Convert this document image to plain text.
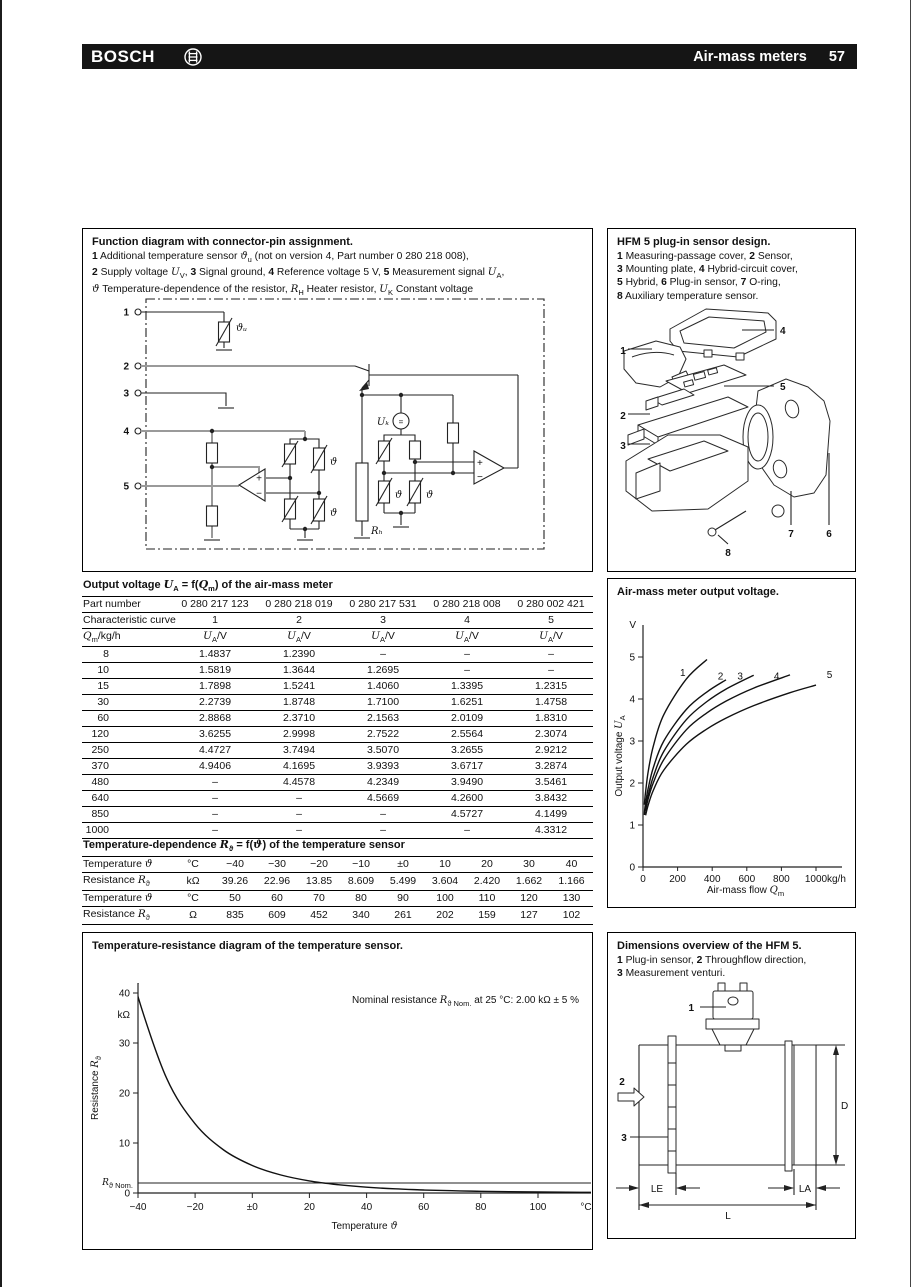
BOSCH	Air-mass meters 57
Function diagram with connector-pin assignment.
1 Additional temperature sensor $ϑ_u$ (not on version 4, Part number 0 280 218 008),
2 Supply voltage $U_V$, 3 Signal ground, 4 Reference voltage 5 V, 5 Measurement signal $U_A$,
ϑ Temperature-dependence of the resistor, $R_H$ Heater resistor, $U_K$ Constant voltage
1
2
3
4
5
ϑᵤ
+
−
ϑ
ϑ
Rₕ
=
Uₖ
ϑ ϑ
+
−
HFM 5 plug-in sensor design.
1 Measuring-passage cover, 2 Sensor,
3 Mounting plate, 4 Hybrid-circuit cover,
5 Hybrid, 6 Plug-in sensor, 7 O-ring,
8 Auxiliary temperature sensor.
1
2
3
4
5
6
7
8
Output voltage $U_A = f(Q_m)$ of the air-mass meter
Part number	0 280 217 123	0 280 218 019	0 280 217 531	0 280 218 008	0 280 002 421
Characteristic curve	1	2	3	4	5
$Q_m/kg/h$	$U_A/V$	$U_A/V$	$U_A/V$	$U_A/V$	$U_A/V$
8	1.4837	1.2390	–	–	–
10	1.5819	1.3644	1.2695	–	–
15	1.7898	1.5241	1.4060	1.3395	1.2315
30	2.2739	1.8748	1.7100	1.6251	1.4758
60	2.8868	2.3710	2.1563	2.0109	1.8310
120	3.6255	2.9998	2.7522	2.5564	2.3074
250	4.4727	3.7494	3.5070	3.2655	2.9212
370	4.9406	4.1695	3.9393	3.6717	3.2874
480	–	4.4578	4.2349	3.9490	3.5461
640	–	–	4.5669	4.2600	3.8432
850	–	–	–	4.5727	4.1499
1000	–	–	–	–	4.3312
Air-mass meter output voltage.
V
0
1
2
3
4
5
0 200 400 600 800 1000 kg/h
1	2 3	4	5
Air-mass flow $Q_m$
Output voltage $U_A$
Temperature-dependence $R_ϑ = f(ϑ)$ of the temperature sensor
Temperature ϑ	°C	−40	−30	−20	−10	±0	10	20	30	40
Resistance $R_ϑ$	kΩ	39.26	22.96	13.85	8.609	5.499	3.604	2.420	1.662	1.166
Temperature ϑ	°C	50	60	70	80	90	100	110	120	130
Resistance $R_ϑ$	Ω	835	609	452	340	261	202	159	127	102
Temperature-resistance diagram of the temperature sensor.
0
10
20
30
40
kΩ
−40	−20	±0	20	40	60	80	100	°C
Nominal resistance $R_{ϑ Nom.}$ at 25 °C: 2.00 kΩ ± 5 %
$R_{ϑ Nom.}$
Temperature ϑ
Resistance $R_ϑ$
Dimensions overview of the HFM 5.
1 Plug-in sensor, 2 Throughflow direction,
3 Measurement venturi.
1
2
3
D
LE	LA
L
